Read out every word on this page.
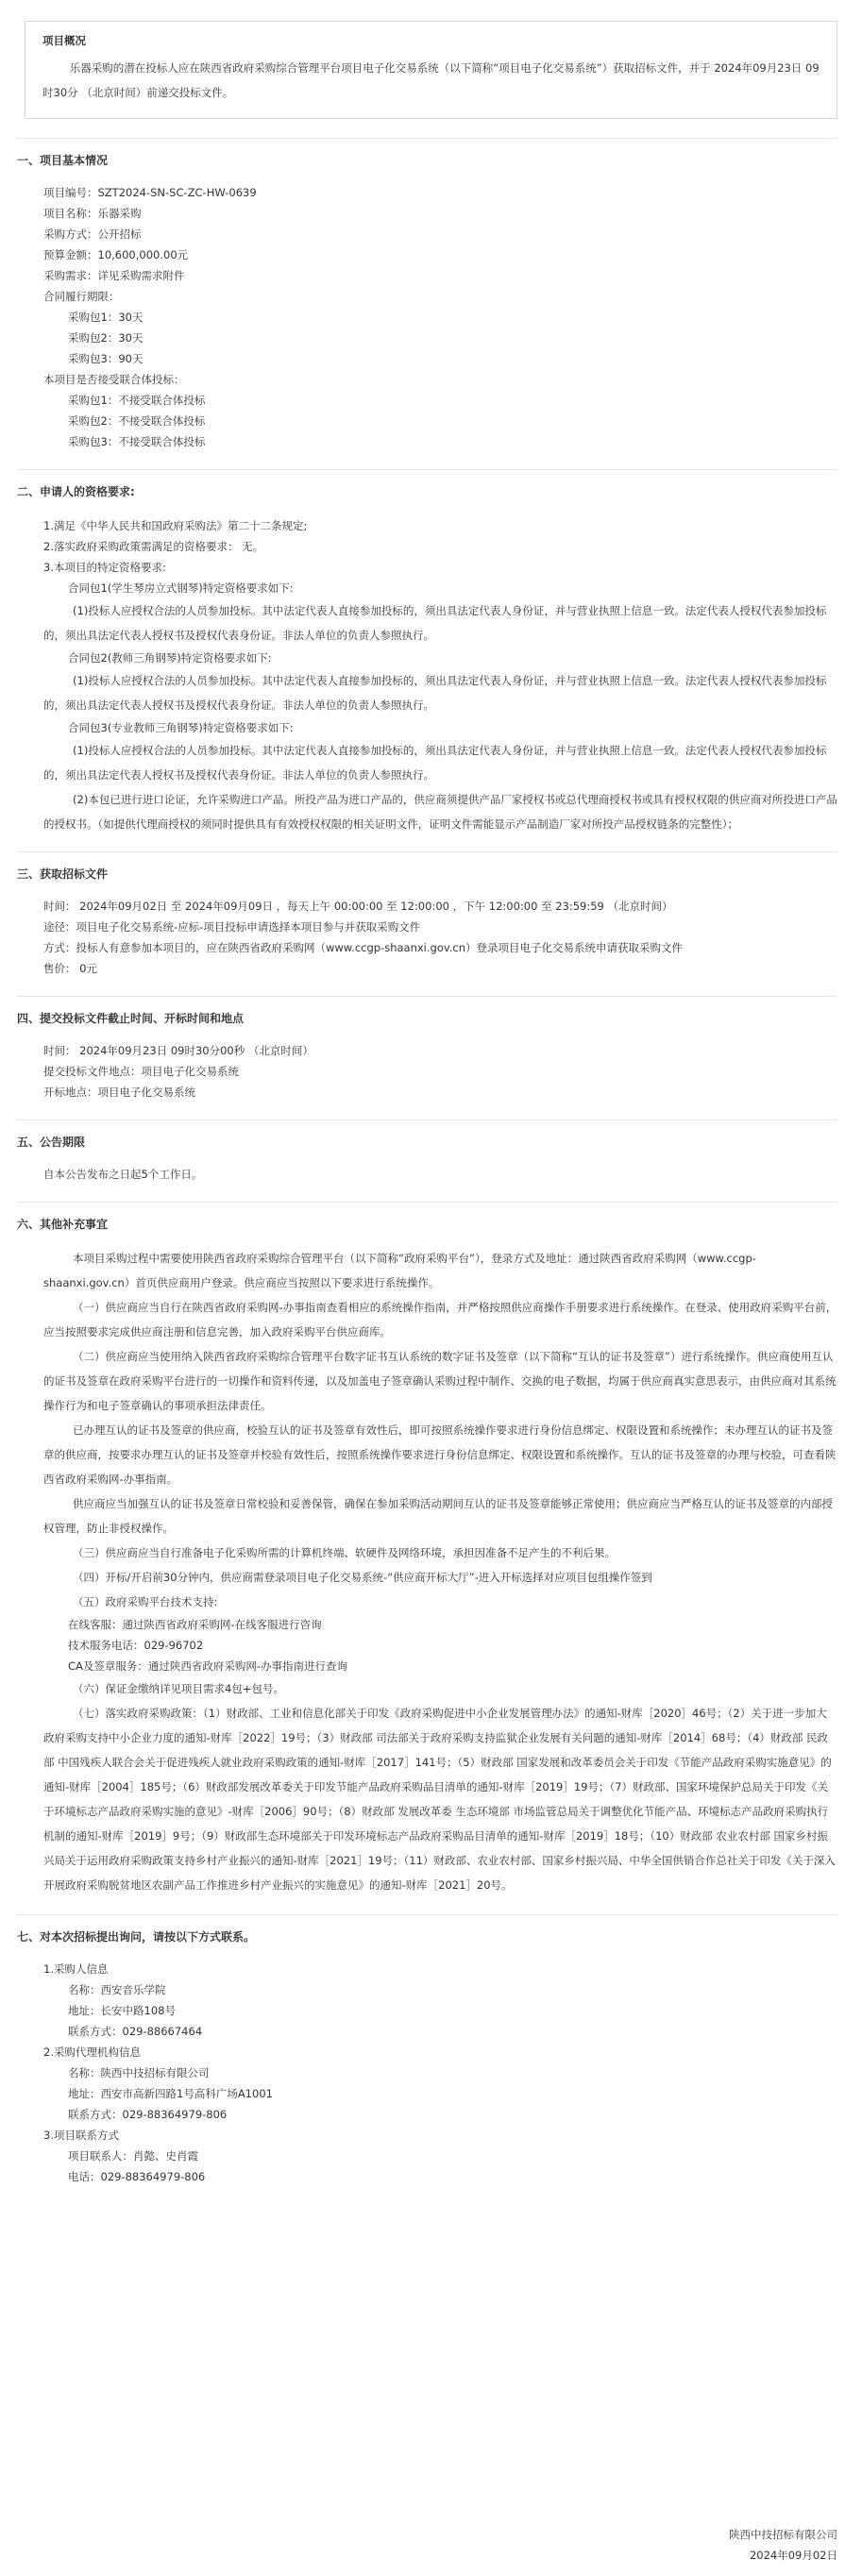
项目概况
乐器采购的潜在投标人应在陕西省政府采购综合管理平台项目电子化交易系统（以下简称“项目电子化交易系统”）获取招标文件，并于 2024年09月23日 09时30分 （北京时间）前递交投标文件。
一、项目基本情况
项目编号：SZT2024-SN-SC-ZC-HW-0639
项目名称：乐器采购
采购方式：公开招标
预算金额：10,600,000.00元
采购需求：详见采购需求附件
合同履行期限：
采购包1：30天
采购包2：30天
采购包3：90天
本项目是否接受联合体投标：
采购包1：不接受联合体投标
采购包2：不接受联合体投标
采购包3：不接受联合体投标
二、申请人的资格要求:
1.满足《中华人民共和国政府采购法》第二十二条规定;
2.落实政府采购政策需满足的资格要求： 无。
3.本项目的特定资格要求:
合同包1(学生琴房立式钢琴)特定资格要求如下:
(1)投标人应授权合法的人员参加投标。其中法定代表人直接参加投标的，须出具法定代表人身份证，并与营业执照上信息一致。法定代表人授权代表参加投标的，须出具法定代表人授权书及授权代表身份证。非法人单位的负责人参照执行。
合同包2(教师三角钢琴)特定资格要求如下:
(1)投标人应授权合法的人员参加投标。其中法定代表人直接参加投标的，须出具法定代表人身份证，并与营业执照上信息一致。法定代表人授权代表参加投标的，须出具法定代表人授权书及授权代表身份证。非法人单位的负责人参照执行。
合同包3(专业教师三角钢琴)特定资格要求如下:
(1)投标人应授权合法的人员参加投标。其中法定代表人直接参加投标的，须出具法定代表人身份证，并与营业执照上信息一致。法定代表人授权代表参加投标的，须出具法定代表人授权书及授权代表身份证。非法人单位的负责人参照执行。
(2)本包已进行进口论证，允许采购进口产品。所投产品为进口产品的，供应商须提供产品厂家授权书或总代理商授权书或具有授权权限的供应商对所投进口产品的授权书。（如提供代理商授权的须同时提供具有有效授权权限的相关证明文件，证明文件需能显示产品制造厂家对所投产品授权链条的完整性）；
三、获取招标文件
时间： 2024年09月02日 至 2024年09月09日 ，每天上午 00:00:00 至 12:00:00 ，下午 12:00:00 至 23:59:59 （北京时间）
途径：项目电子化交易系统-应标-项目投标申请选择本项目参与并获取采购文件
方式：投标人有意参加本项目的，应在陕西省政府采购网（www.ccgp-shaanxi.gov.cn）登录项目电子化交易系统申请获取采购文件
售价： 0元
四、提交投标文件截止时间、开标时间和地点
时间： 2024年09月23日 09时30分00秒 （北京时间）
提交投标文件地点：项目电子化交易系统
开标地点：项目电子化交易系统
五、公告期限
自本公告发布之日起5个工作日。
六、其他补充事宜
本项目采购过程中需要使用陕西省政府采购综合管理平台（以下简称“政府采购平台”），登录方式及地址：通过陕西省政府采购网（www.ccgp-shaanxi.gov.cn）首页供应商用户登录。供应商应当按照以下要求进行系统操作。
（一）供应商应当自行在陕西省政府采购网-办事指南查看相应的系统操作指南，并严格按照供应商操作手册要求进行系统操作。在登录、使用政府采购平台前，应当按照要求完成供应商注册和信息完善，加入政府采购平台供应商库。
（二）供应商应当使用纳入陕西省政府采购综合管理平台数字证书互认系统的数字证书及签章（以下简称“互认的证书及签章”）进行系统操作。供应商使用互认的证书及签章在政府采购平台进行的一切操作和资料传递，以及加盖电子签章确认采购过程中制作、交换的电子数据，均属于供应商真实意思表示，由供应商对其系统操作行为和电子签章确认的事项承担法律责任。
已办理互认的证书及签章的供应商，校验互认的证书及签章有效性后，即可按照系统操作要求进行身份信息绑定、权限设置和系统操作；未办理互认的证书及签章的供应商，按要求办理互认的证书及签章并校验有效性后，按照系统操作要求进行身份信息绑定、权限设置和系统操作。互认的证书及签章的办理与校验，可查看陕西省政府采购网-办事指南。
供应商应当加强互认的证书及签章日常校验和妥善保管，确保在参加采购活动期间互认的证书及签章能够正常使用；供应商应当严格互认的证书及签章的内部授权管理，防止非授权操作。
（三）供应商应当自行准备电子化采购所需的计算机终端、软硬件及网络环境，承担因准备不足产生的不利后果。
（四）开标/开启前30分钟内，供应商需登录项目电子化交易系统-“供应商开标大厅”-进入开标选择对应项目包组操作签到
（五）政府采购平台技术支持:
在线客服：通过陕西省政府采购网-在线客服进行咨询
技术服务电话：029-96702
CA及签章服务：通过陕西省政府采购网-办事指南进行查询
（六）保证金缴纳详见项目需求4包+包号。
（七）落实政府采购政策：（1）财政部、工业和信息化部关于印发《政府采购促进中小企业发展管理办法》的通知-财库［2020］46号；（2）关于进一步加大政府采购支持中小企业力度的通知-财库［2022］19号；（3）财政部 司法部关于政府采购支持监狱企业发展有关问题的通知-财库［2014］68号；（4）财政部 民政部 中国残疾人联合会关于促进残疾人就业政府采购政策的通知-财库［2017］141号；（5）财政部 国家发展和改革委员会关于印发《节能产品政府采购实施意见》的通知-财库［2004］185号；（6）财政部发展改革委关于印发节能产品政府采购品目清单的通知-财库［2019］19号；（7）财政部、国家环境保护总局关于印发《关于环境标志产品政府采购实施的意见》-财库［2006］90号；（8）财政部 发展改革委 生态环境部 市场监管总局关于调整优化节能产品、环境标志产品政府采购执行机制的通知-财库［2019］9号；（9）财政部生态环境部关于印发环境标志产品政府采购品目清单的通知-财库［2019］18号；（10）财政部 农业农村部 国家乡村振兴局关于运用政府采购政策支持乡村产业振兴的通知-财库［2021］19号；（11）财政部、农业农村部、国家乡村振兴局、中华全国供销合作总社关于印发《关于深入开展政府采购脱贫地区农副产品工作推进乡村产业振兴的实施意见》的通知-财库［2021］20号。
七、对本次招标提出询问，请按以下方式联系。
1.采购人信息
名称：西安音乐学院
地址：长安中路108号
联系方式：029-88667464
2.采购代理机构信息
名称：陕西中技招标有限公司
地址：西安市高新四路1号高科广场A1001
联系方式：029-88364979-806
3.项目联系方式
项目联系人：肖懿、史肖霞
电话：029-88364979-806
陕西中技招标有限公司
2024年09月02日
